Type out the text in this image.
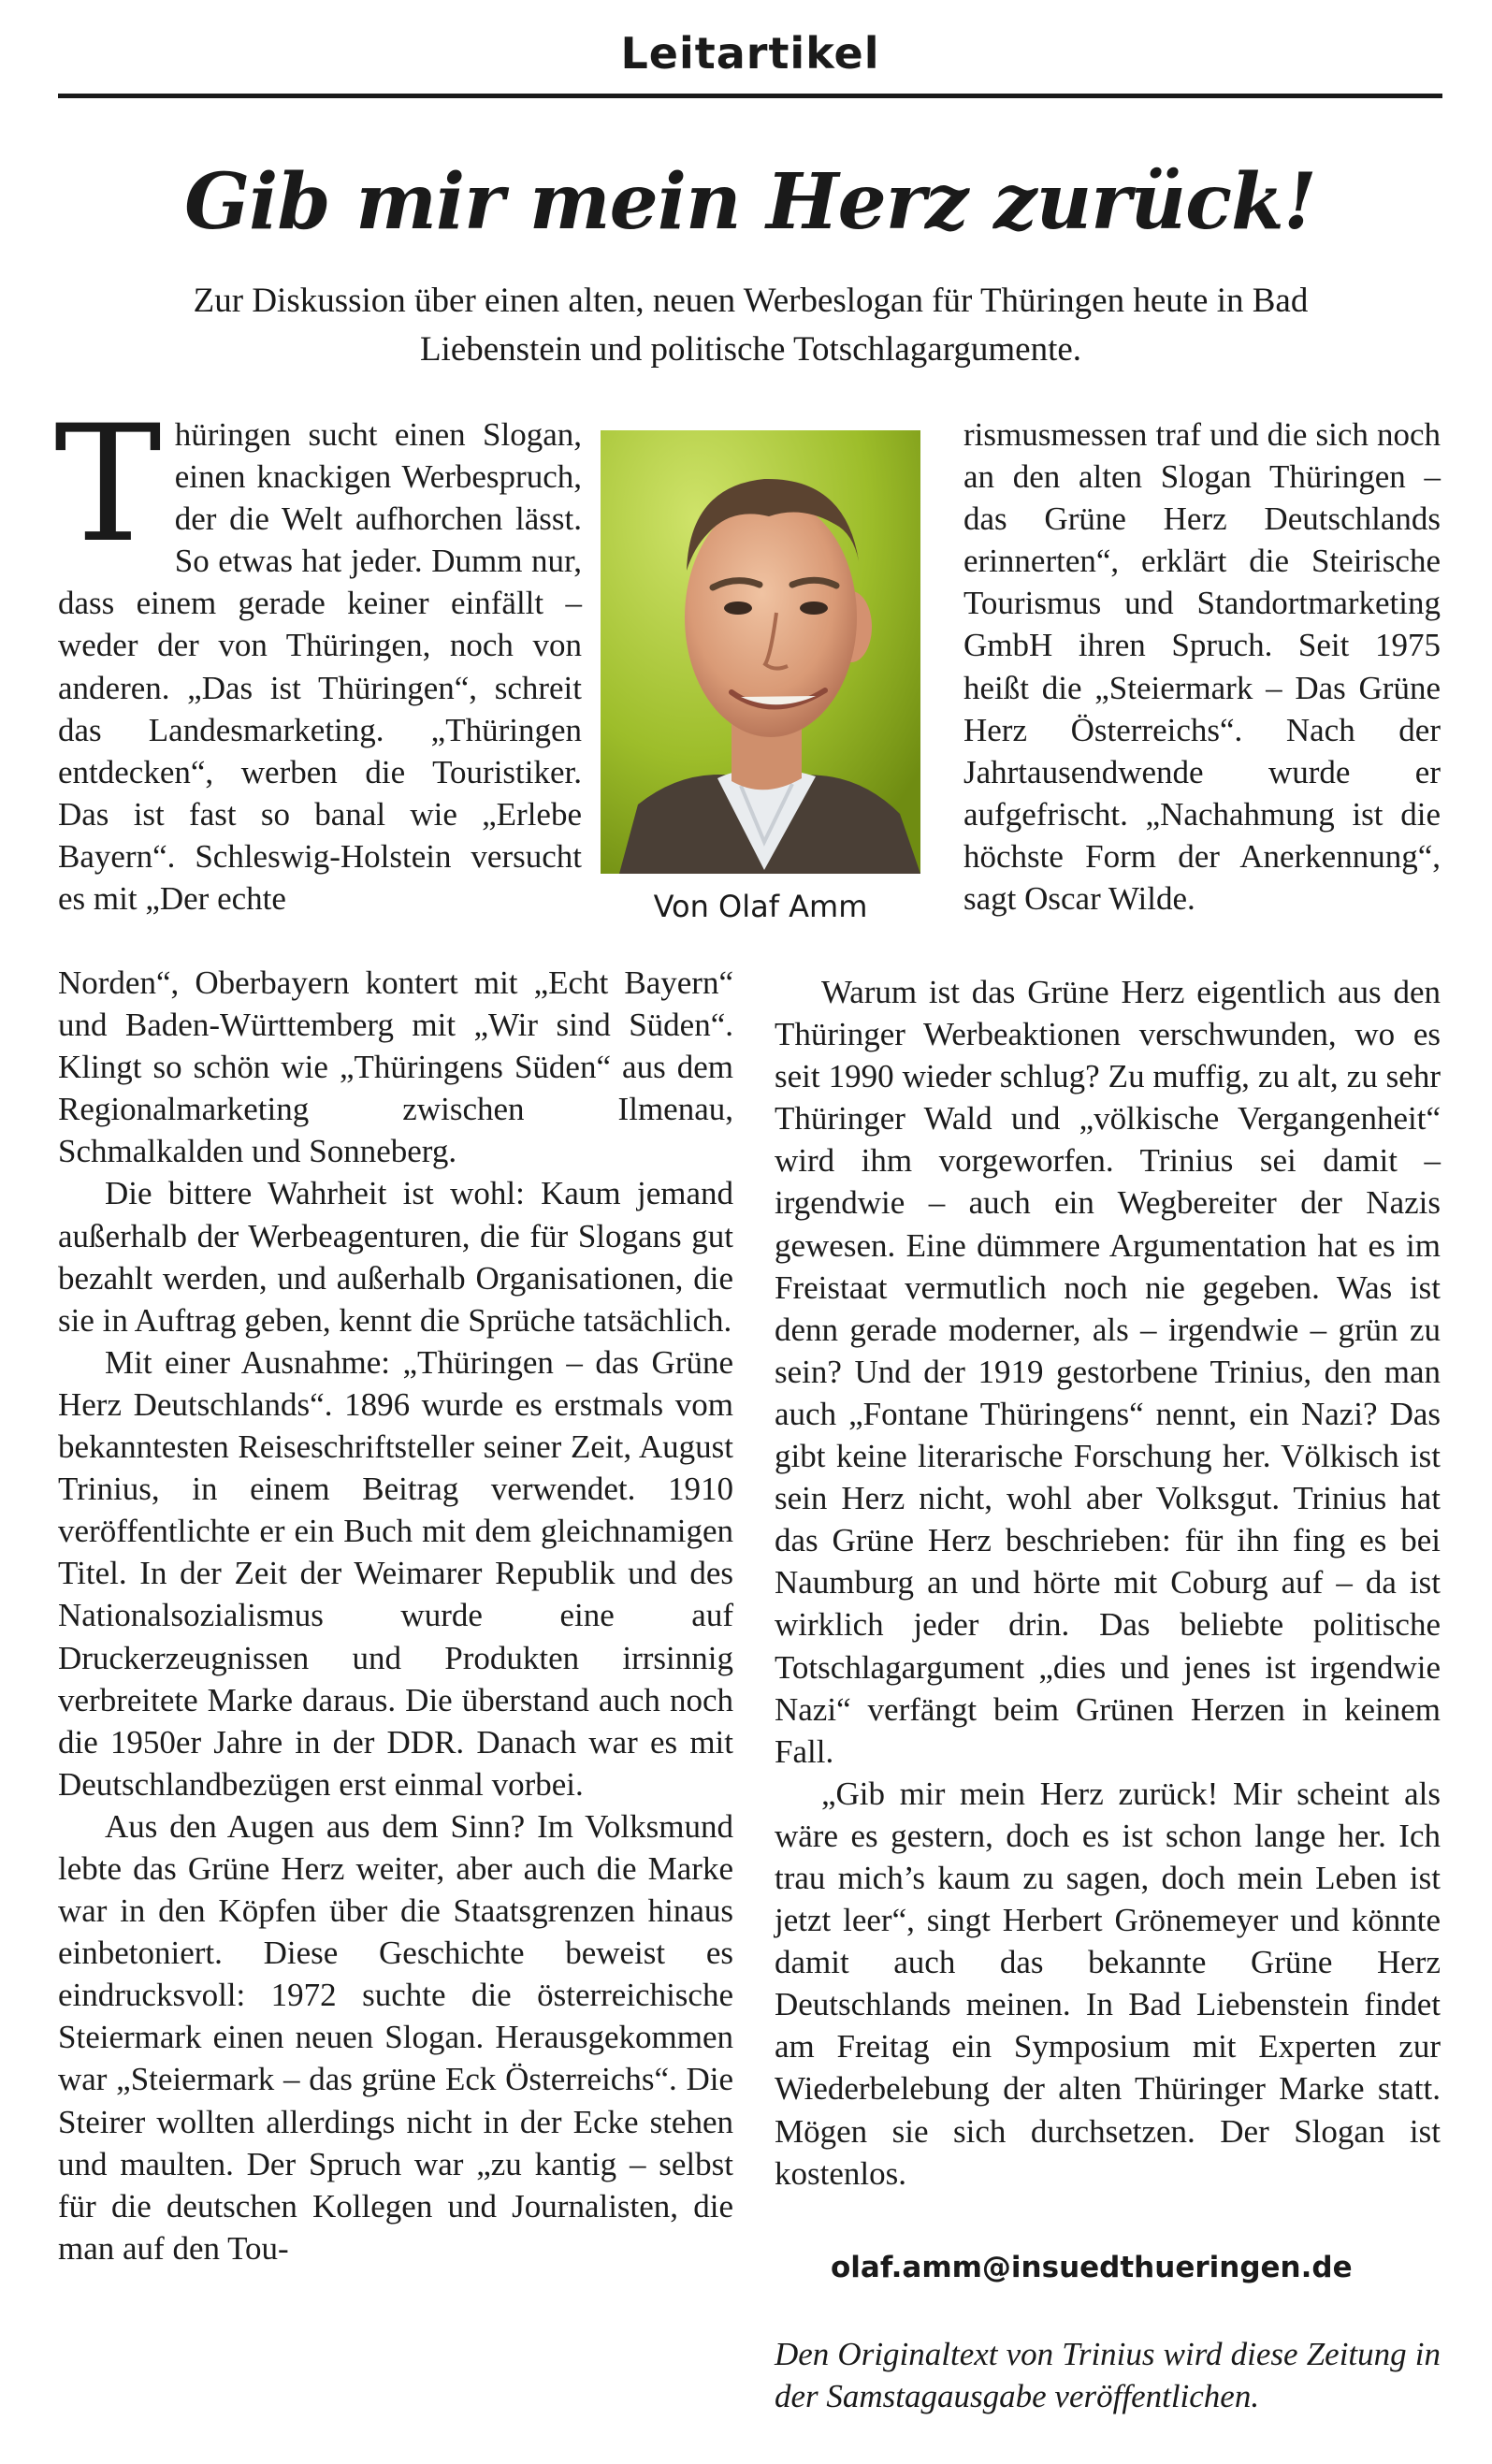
Leitartikel
Gib mir mein Herz zurück!
Zur Diskussion über einen alten, neuen Werbeslogan für Thüringen heute in Bad Liebenstein und politische Totschlagargumente.

Thüringen sucht einen Slogan, einen knackigen Werbespruch, der die Welt aufhorchen lässt. So etwas hat jeder. Dumm nur, dass einem gerade keiner einfällt – weder der von Thüringen, noch von anderen. „Das ist Thüringen“, schreit das Landesmarketing. „Thüringen entdecken“, werben die Touristiker. Das ist fast so banal wie „Erlebe Bayern“. Schleswig-Holstein versucht es mit „Der echte

Norden“, Oberbayern kontert mit „Echt Bayern“ und Baden-Württemberg mit „Wir sind Süden“. Klingt so schön wie „Thüringens Süden“ aus dem Regionalmarketing zwischen Ilmenau, Schmalkalden und Sonneberg.

Die bittere Wahrheit ist wohl: Kaum jemand außerhalb der Werbeagenturen, die für Slogans gut bezahlt werden, und außerhalb Organisationen, die sie in Auftrag geben, kennt die Sprüche tatsächlich.

Mit einer Ausnahme: „Thüringen – das Grüne Herz Deutschlands“. 1896 wurde es erstmals vom bekanntesten Reiseschriftsteller seiner Zeit, August Trinius, in einem Beitrag verwendet. 1910 veröffentlichte er ein Buch mit dem gleichnamigen Titel. In der Zeit der Weimarer Republik und des Nationalsozialismus wurde eine auf Druckerzeugnissen und Produkten irrsinnig verbreitete Marke daraus. Die überstand auch noch die 1950er Jahre in der DDR. Danach war es mit Deutschlandbezügen erst einmal vorbei.

Aus den Augen aus dem Sinn? Im Volksmund lebte das Grüne Herz weiter, aber auch die Marke war in den Köpfen über die Staatsgrenzen hinaus einbetoniert. Diese Geschichte beweist es eindrucksvoll: 1972 suchte die österreichische Steiermark einen neuen Slogan. Herausgekommen war „Steiermark – das grüne Eck Österreichs“. Die Steirer wollten allerdings nicht in der Ecke stehen und maulten. Der Spruch war „zu kantig – selbst für die deutschen Kollegen und Journalisten, die man auf den Tou-

Von Olaf Amm

rismusmessen traf und die sich noch an den alten Slogan Thüringen – das Grüne Herz Deutschlands erinnerten“, erklärt die Steirische Tourismus und Standortmarketing GmbH ihren Spruch. Seit 1975 heißt die „Steiermark – Das Grüne Herz Österreichs“. Nach der Jahrtausendwende wurde er aufgefrischt. „Nachahmung ist die höchste Form der Anerkennung“, sagt Oscar Wilde.

Warum ist das Grüne Herz eigentlich aus den Thüringer Werbeaktionen verschwunden, wo es seit 1990 wieder schlug? Zu muffig, zu alt, zu sehr Thüringer Wald und „völkische Vergangenheit“ wird ihm vorgeworfen. Trinius sei damit – irgendwie – auch ein Wegbereiter der Nazis gewesen. Eine dümmere Argumentation hat es im Freistaat vermutlich noch nie gegeben. Was ist denn gerade moderner, als – irgendwie – grün zu sein? Und der 1919 gestorbene Trinius, den man auch „Fontane Thüringens“ nennt, ein Nazi? Das gibt keine literarische Forschung her. Völkisch ist sein Herz nicht, wohl aber Volksgut. Trinius hat das Grüne Herz beschrieben: für ihn fing es bei Naumburg an und hörte mit Coburg auf – da ist wirklich jeder drin. Das beliebte politische Totschlagargument „dies und jenes ist irgendwie Nazi“ verfängt beim Grünen Herzen in keinem Fall.

„Gib mir mein Herz zurück! Mir scheint als wäre es gestern, doch es ist schon lange her. Ich trau mich’s kaum zu sagen, doch mein Leben ist jetzt leer“, singt Herbert Grönemeyer und könnte damit auch das bekannte Grüne Herz Deutschlands meinen. In Bad Liebenstein findet am Freitag ein Symposium mit Experten zur Wiederbelebung der alten Thüringer Marke statt. Mögen sie sich durchsetzen. Der Slogan ist kostenlos.

olaf.amm@insuedthueringen.de
Den Originaltext von Trinius wird diese Zeitung in der Samstagausgabe veröffentlichen.
